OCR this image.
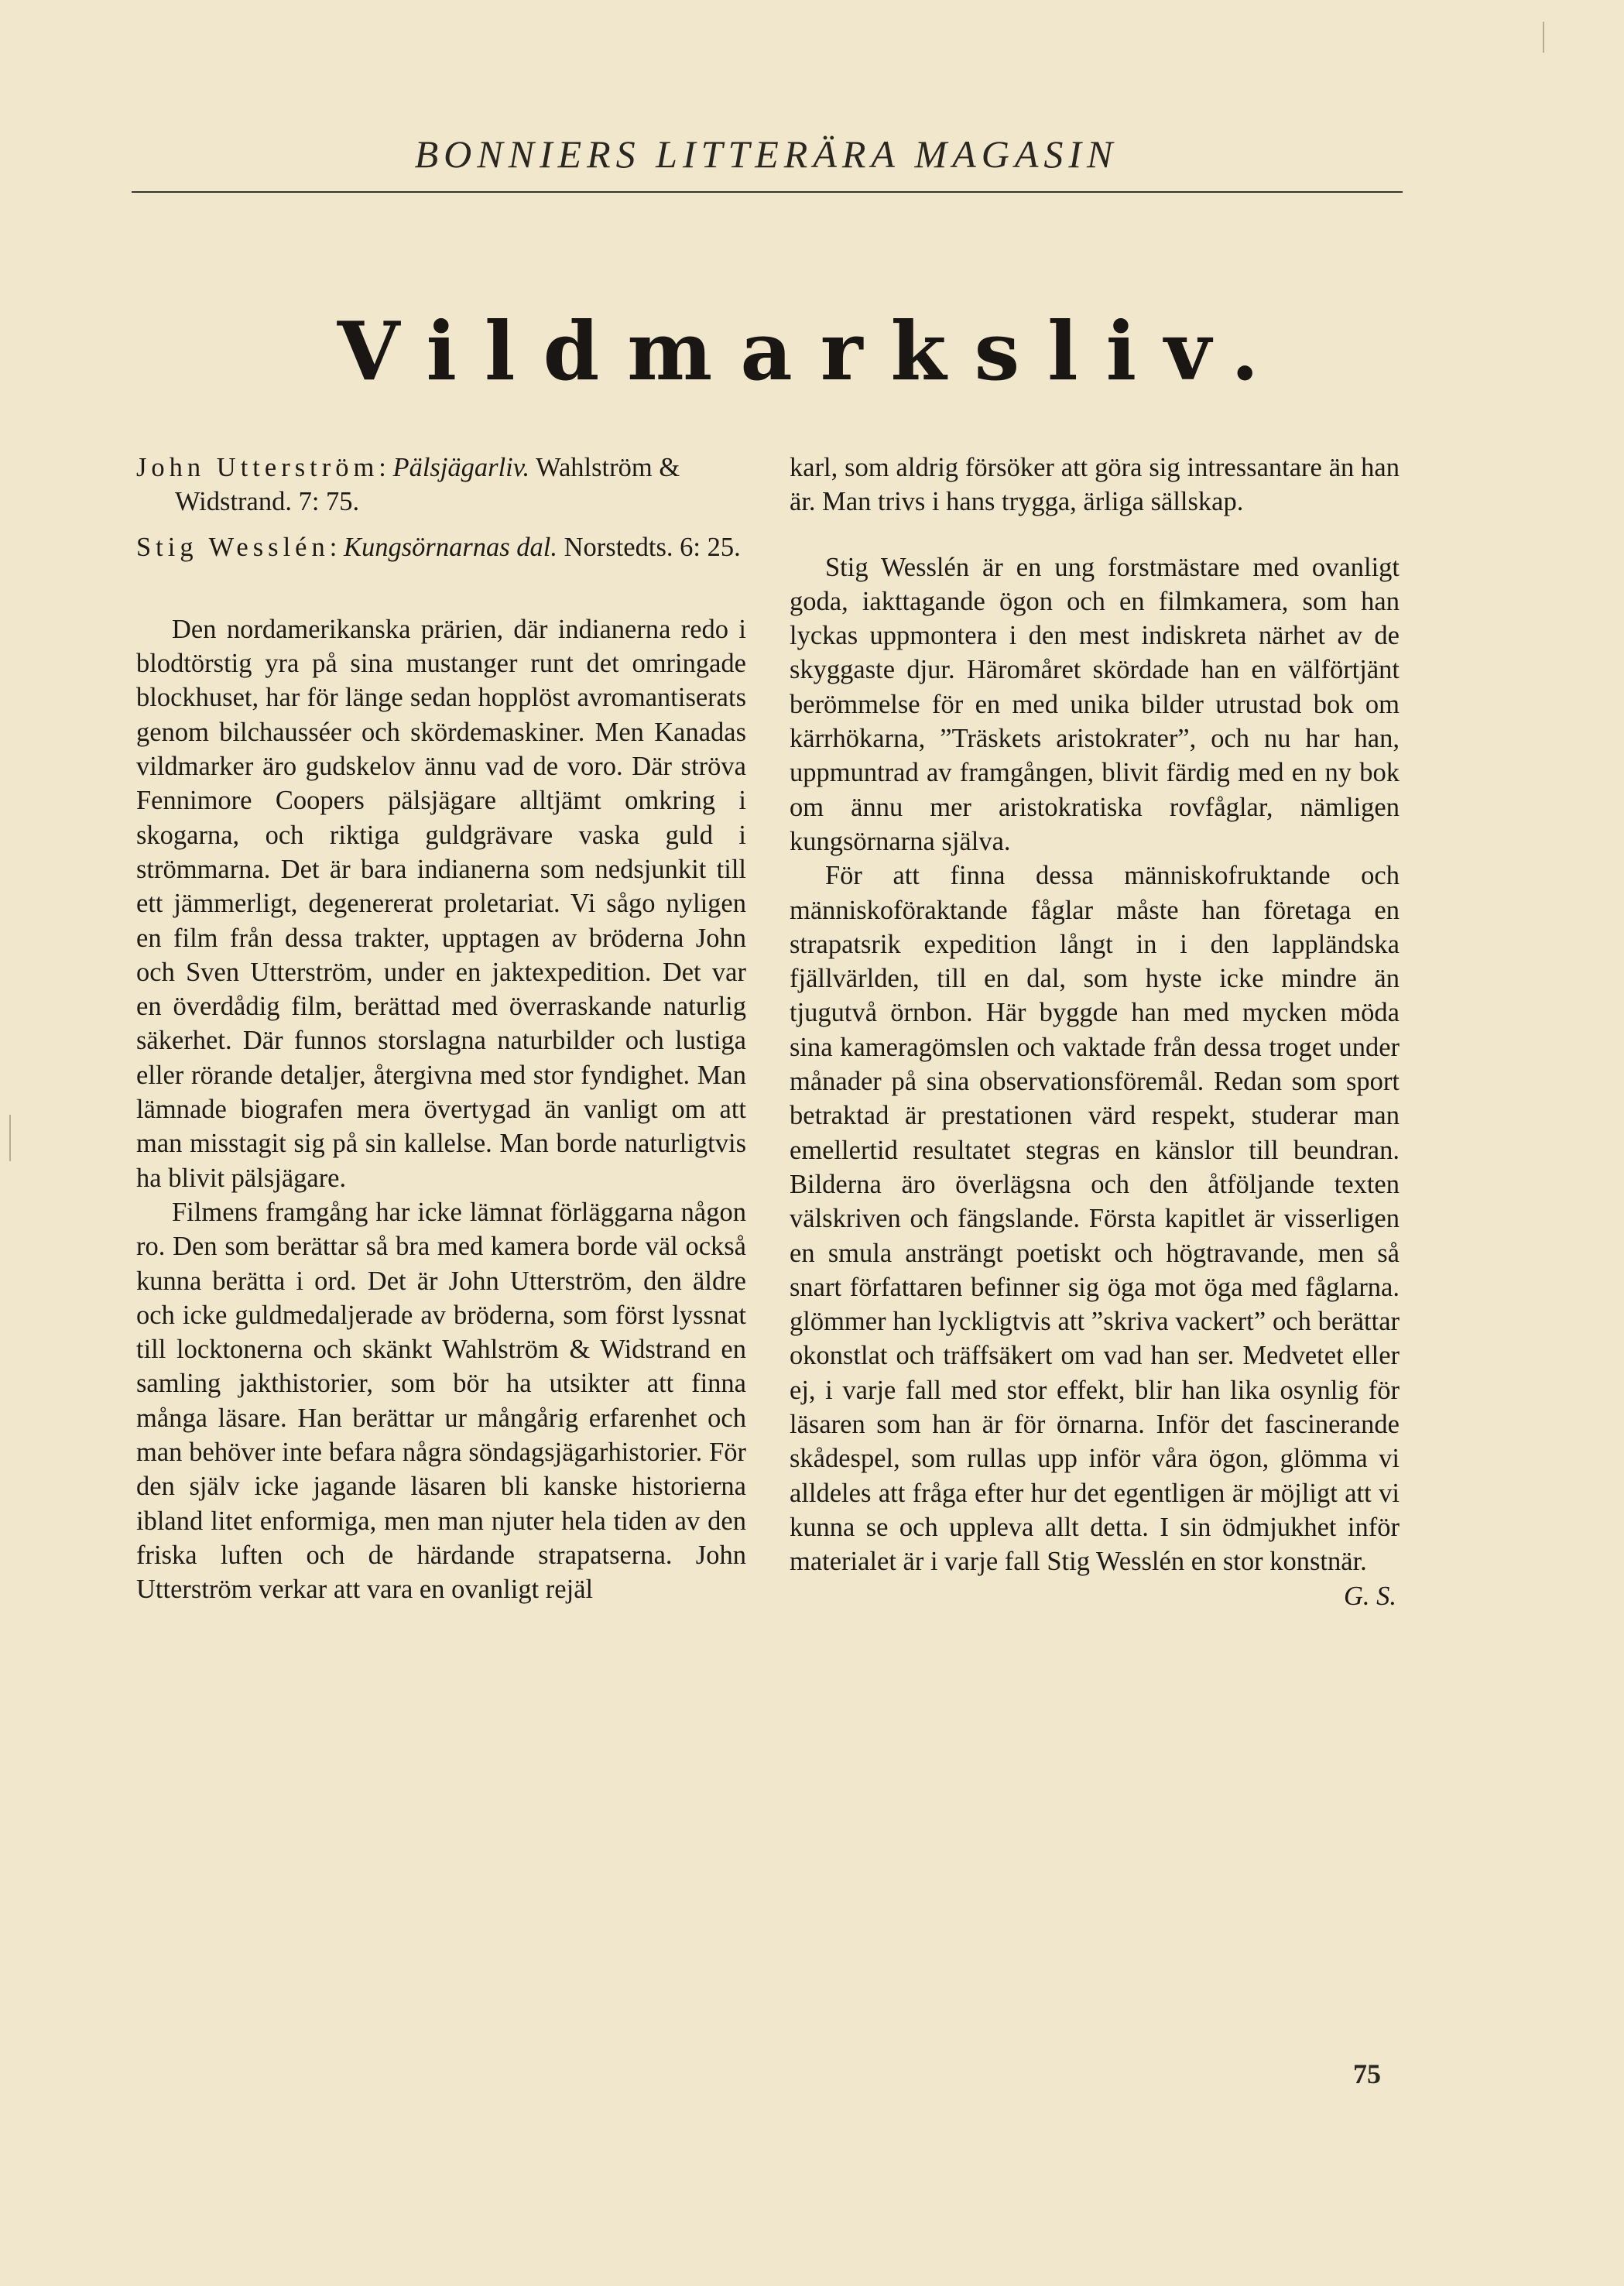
BONNIERS LITTERÄRA MAGASIN
Vildmarksliv.

John Utterström: Pälsjägarliv. Wahlström & Widstrand. 7: 75.

Stig Wesslén: Kungsörnarnas dal. Norstedts. 6: 25.

Den nordamerikanska prärien, där indianerna redo i blodtörstig yra på sina mustanger runt det omringade blockhuset, har för länge sedan hopplöst avromantiserats genom bilchausséer och skördemaskiner. Men Kanadas vildmarker äro gudskelov ännu vad de voro. Där ströva Fennimore Coopers pälsjägare alltjämt omkring i skogarna, och riktiga guldgrävare vaska guld i strömmarna. Det är bara indianerna som nedsjunkit till ett jämmerligt, degenererat proletariat. Vi sågo nyligen en film från dessa trakter, upptagen av bröderna John och Sven Utterström, under en jaktexpedition. Det var en överdådig film, berättad med överraskande naturlig säkerhet. Där funnos storslagna naturbilder och lustiga eller rörande detaljer, återgivna med stor fyndighet. Man lämnade biografen mera övertygad än vanligt om att man misstagit sig på sin kallelse. Man borde naturligtvis ha blivit pälsjägare.

Filmens framgång har icke lämnat förläggarna någon ro. Den som berättar så bra med kamera borde väl också kunna berätta i ord. Det är John Utterström, den äldre och icke guldmedaljerade av bröderna, som först lyssnat till locktonerna och skänkt Wahlström & Widstrand en samling jakthistorier, som bör ha utsikter att finna många läsare. Han berättar ur mångårig erfarenhet och man behöver inte befara några söndagsjägarhistorier. För den själv icke jagande läsaren bli kanske historierna ibland litet enformiga, men man njuter hela tiden av den friska luften och de härdande strapatserna. John Utterström verkar att vara en ovanligt rejäl

karl, som aldrig försöker att göra sig intressantare än han är. Man trivs i hans trygga, ärliga sällskap.

Stig Wesslén är en ung forstmästare med ovanligt goda, iakttagande ögon och en filmkamera, som han lyckas uppmontera i den mest indiskreta närhet av de skyggaste djur. Häromåret skördade han en välförtjänt berömmelse för en med unika bilder utrustad bok om kärrhökarna, ”Träskets aristokrater”, och nu har han, uppmuntrad av framgången, blivit färdig med en ny bok om ännu mer aristokratiska rovfåglar, nämligen kungsörnarna själva.

För att finna dessa människofruktande och människoföraktande fåglar måste han företaga en strapatsrik expedition långt in i den lappländska fjällvärlden, till en dal, som hyste icke mindre än tjugutvå örnbon. Här byggde han med mycken möda sina kameragömslen och vaktade från dessa troget under månader på sina observationsföremål. Redan som sport betraktad är prestationen värd respekt, studerar man emellertid resultatet stegras en känslor till beundran. Bilderna äro överlägsna och den åtföljande texten välskriven och fängslande. Första kapitlet är visserligen en smula ansträngt poetiskt och högtravande, men så snart författaren befinner sig öga mot öga med fåglarna. glömmer han lyckligtvis att ”skriva vackert” och berättar okonstlat och träffsäkert om vad han ser. Medvetet eller ej, i varje fall med stor effekt, blir han lika osynlig för läsaren som han är för örnarna. Inför det fascinerande skådespel, som rullas upp inför våra ögon, glömma vi alldeles att fråga efter hur det egentligen är möjligt att vi kunna se och uppleva allt detta. I sin ödmjukhet inför materialet är i varje fall Stig Wesslén en stor konstnär.
G. S.

75
